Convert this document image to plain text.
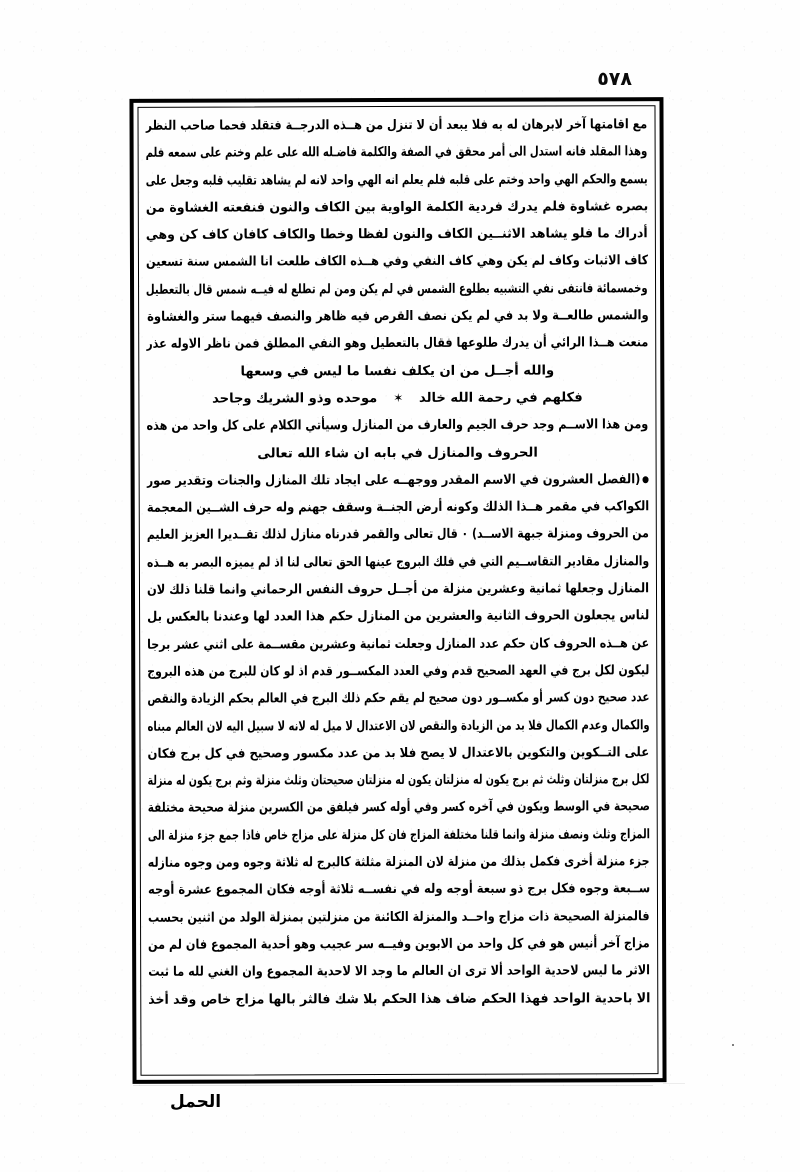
٥٧٨
مع اقامتها آخر لابرهان له به فلا يبعد أن لا تنزل من هــذه الدرجــة فتقلد فحما صاحب النظر
وهذا المقلد فانه استدل الى أمر محقق في الصفة والكلمة فاضـله الله على علم وختم على سمعه فلم
يسمع والحكم الهي واحد وختم على قلبه فلم يعلم انه الهي واحد لانه لم يشاهد تقليب قلبه وجعل على
بصره غشاوة فلم يدرك فردية الكلمة الواوية بين الكاف والنون فنفعته الغشاوة من
أدراك ما فلو يشاهد الاثنــين الكاف والنون لفظا وخطا والكاف كافان كاف كن وهي
كاف الاثبات وكاف لم يكن وهي كاف النفي وفي هــذه الكاف طلعت انا الشمس سنة تسعين
وخمسمائة فانتفى نفي التشبيه بطلوع الشمس في لم يكن ومن لم تطلع له فيــه شمس قال بالتعطيل
والشمس طالعــة ولا بد في لم يكن نصف القرص فيه ظاهر والنصف فيهما ستر والغشاوة
منعت هــذا الرائي أن يدرك طلوعها فقال بالتعطيل وهو النفي المطلق فمن ناظر الاوله عذر
والله أجــل من ان يكلف نفسا ما ليس في وسعها
فكلهم في رحمة الله خالد✶موحده وذو الشريك وجاحد
ومن هذا الاســم وجد حرف الجيم والعارف من المنازل وسيأتي الكلام على كل واحد من هذه
الحروف والمنازل في بابه ان شاء الله تعالى
(الفصل العشرون في الاسم المقدر ووجهــه على ايجاد تلك المنازل والجنات وتقدير صور
الكواكب في مقمر هــذا الذلك وكونه أرض الجنــة وسقف جهنم وله حرف الشــين المعجمة
من الحروف ومنزلة جبهة الاســد) ۰ قال تعالى والقمر قدرناه منازل لذلك تقــديرا العزيز العليم
والمنازل مقادير التقاســيم التي في فلك البروج عينها الحق تعالى لنا اذ لم يميزه البصر به هــذه
المنازل وجعلها ثمانية وعشرين منزلة من أجــل حروف النفس الرحماني وانما قلنا ذلك لان
لناس يجعلون الحروف الثانية والعشرين من المنازل حكم هذا العدد لها وعندنا بالعكس بل
عن هــذه الحروف كان حكم عدد المنازل وجعلت ثمانية وعشرين مقســمة على اثني عشر برجا
ليكون لكل برج في العهد الصحيح قدم وفي العدد المكســور قدم اذ لو كان للبرج من هذه البروج
عدد صحيح دون كسر أو مكســور دون صحيح لم يقم حكم ذلك البرج في العالم بحكم الزيادة والنقص
والكمال وعدم الكمال فلا بد من الزيادة والنقص لان الاعتدال لا ميل له لانه لا سبيل اليه لان العالم مبناه
على التــكوين والتكوين بالاعتدال لا يصح فلا بد من عدد مكسور وصحيح في كل برج فكان
لكل برج منزلتان وثلث ثم برج يكون له منزلتان يكون له منزلتان صحيحتان وثلث منزلة وثم برج يكون له منزلة
صحيحة في الوسط ويكون في آخره كسر وفي أوله كسر فيلفق من الكسرين منزلة صحيحة مختلفة
المزاج وثلث ونصف منزلة وانما قلنا مختلفة المزاج فان كل منزلة على مزاج خاص فاذا جمع جزء منزلة الى
جزء منزلة أخرى فكمل بذلك من منزلة لان المنزلة مثلثة كالبرج له ثلاثة وجوه ومن وجوه منازله
ســبعة وجوه فكل برج ذو سبعة أوجه وله في نفســه ثلاثة أوجه فكان المجموع عشرة أوجه
فالمنزلة الصحيحة ذات مزاج واحــد والمنزلة الكائنة من منزلتين بمنزلة الولد من اثنين بحسب
مزاج آخر أنيس هو في كل واحد من الابوين وفيــه سر عجيب وهو أحدية المجموع فان لم من
الاثر ما ليس لاحدية الواحد ألا ترى ان العالم ما وجد الا لاحدية المجموع وان الغني لله ما ثبت
الا باحدية الواحد فهذا الحكم ضاف هذا الحكم بلا شك فالثر بالها مزاج خاص وقد أخذ
الحمل
